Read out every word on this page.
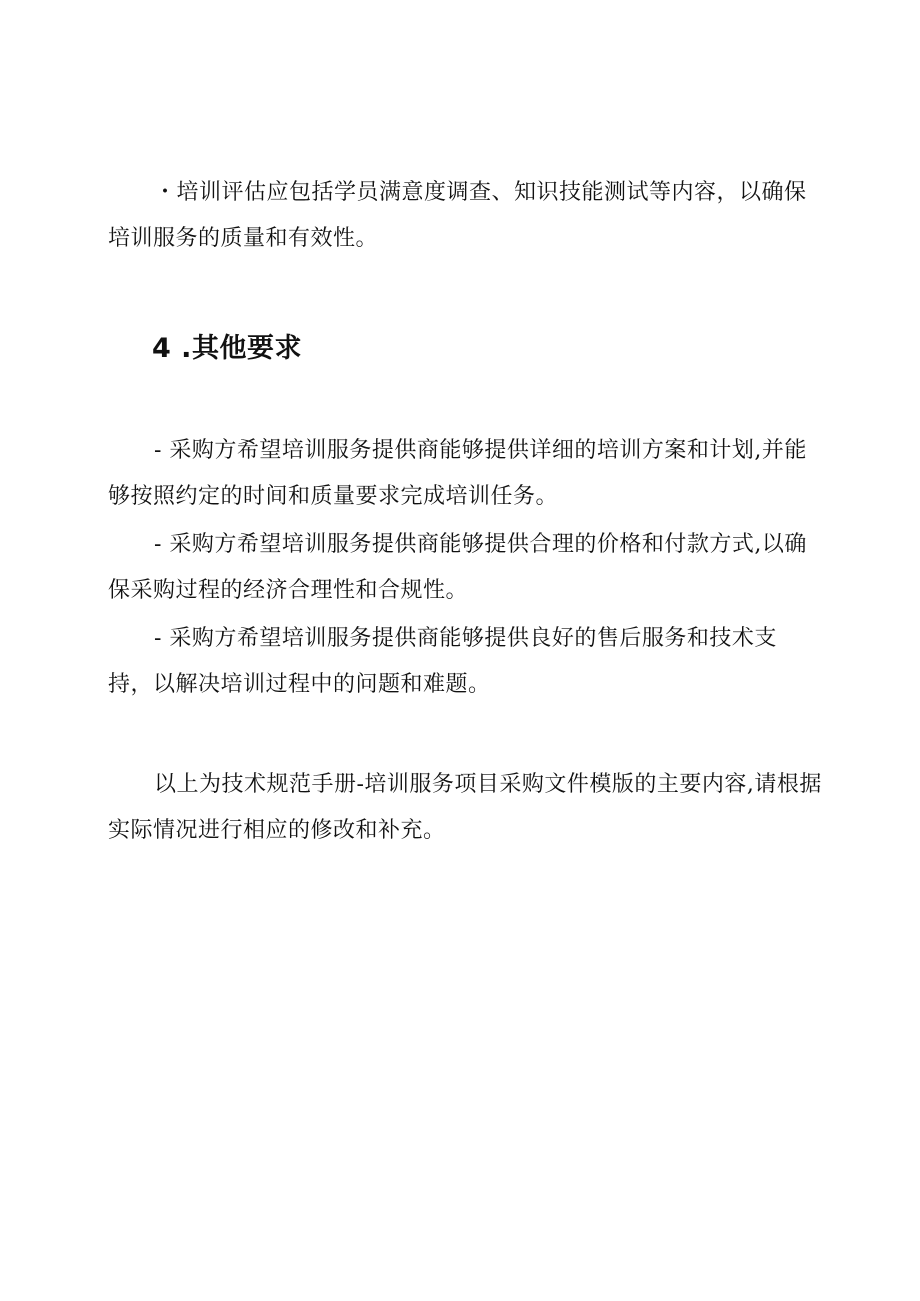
・培训评估应包括学员满意度调查、知识技能测试等内容，以确保培训服务的质量和有效性。

4 .其他要求

- 采购方希望培训服务提供商能够提供详细的培训方案和计划,并能够按照约定的时间和质量要求完成培训任务。

- 采购方希望培训服务提供商能够提供合理的价格和付款方式,以确保采购过程的经济合理性和合规性。

- 采购方希望培训服务提供商能够提供良好的售后服务和技术支持，以解决培训过程中的问题和难题。

以上为技术规范手册-培训服务项目采购文件模版的主要内容,请根据实际情况进行相应的修改和补充。
